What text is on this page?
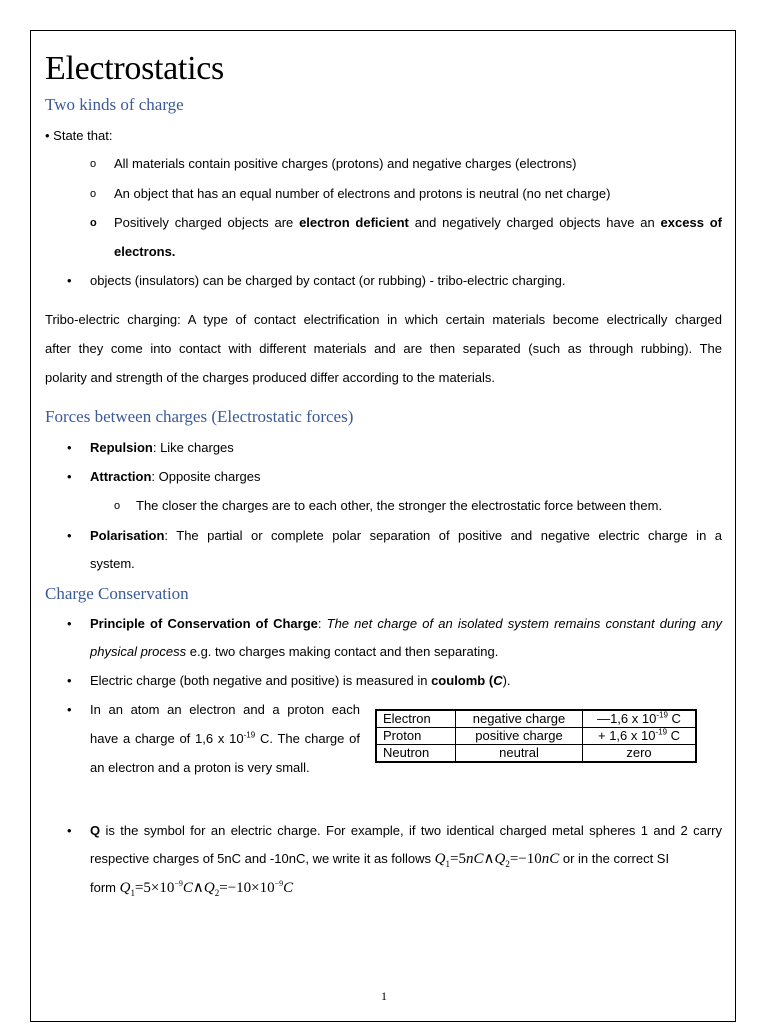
Electrostatics
Two kinds of charge
• State that:
o All materials contain positive charges (protons) and negative charges (electrons)
o An object that has an equal number of electrons and protons is neutral (no net charge)
o Positively charged objects are electron deficient and negatively charged objects have an excess of
electrons.
• objects (insulators) can be charged by contact (or rubbing) - tribo-electric charging.
Tribo-electric charging: A type of contact electrification in which certain materials become electrically charged
after they come into contact with different materials and are then separated (such as through rubbing). The
polarity and strength of the charges produced differ according to the materials.
Forces between charges (Electrostatic forces)
• Repulsion: Like charges
• Attraction: Opposite charges
o The closer the charges are to each other, the stronger the electrostatic force between them.
• Polarisation: The partial or complete polar separation of positive and negative electric charge in a
system.
Charge Conservation
• Principle of Conservation of Charge: The net charge of an isolated system remains constant during any
physical process e.g. two charges making contact and then separating.
• Electric charge (both negative and positive) is measured in coulomb (C).
• In an atom an electron and a proton each
have a charge of 1,6 x $10^{-19}$ C. The charge of
an electron and a proton is very small.
Electron	negative charge	—1,6 x $10^{-19}$ C
Proton	positive charge	+ 1,6 x $10^{-19}$ C
Neutron	neutral	zero
• Q is the symbol for an electric charge. For example, if two identical charged metal spheres 1 and 2 carry
respective charges of 5nC and -10nC, we write it as follows $Q_1=5nC\wedge Q_2=-10nC$ or in the correct SI
form $Q_1=5\times 10^{-9}C\wedge Q_2=-10\times 10^{-9}C$
1
